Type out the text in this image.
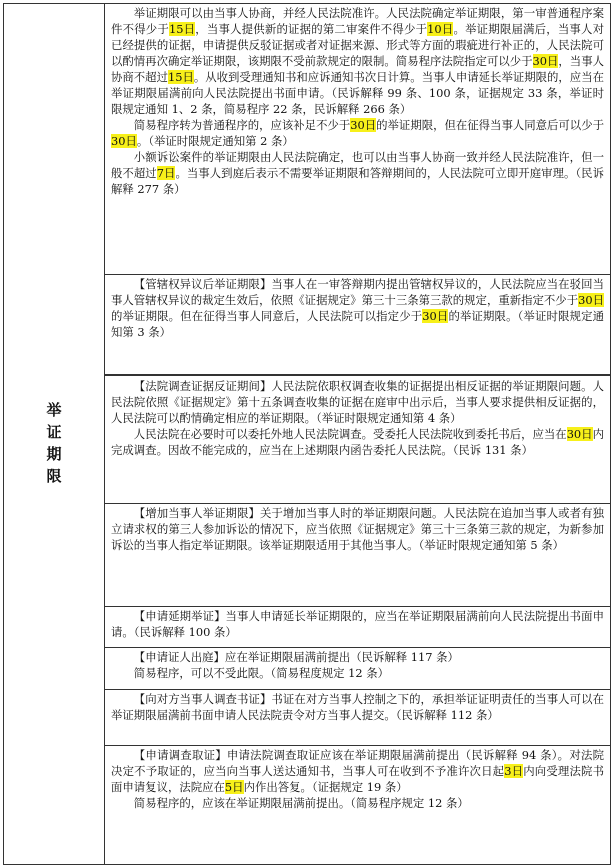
举
证
期
限

举证期限可以由当事人协商，并经人民法院准许。人民法院确定举证期限，第一审普通程序案件不得少于15日，当事人提供新的证据的第二审案件不得少于10日。举证期限届满后，当事人对已经提供的证据，申请提供反驳证据或者对证据来源、形式等方面的瑕疵进行补正的，人民法院可以酌情再次确定举证期限，该期限不受前款规定的限制。简易程序法院指定可以少于30日，当事人协商不超过15日。从收到受理通知书和应诉通知书次日计算。当事人申请延长举证期限的，应当在举证期限届满前向人民法院提出书面申请。（民诉解释 99 条、100 条，证据规定 33 条，举证时限规定通知 1、2 条，简易程序 22 条，民诉解释 266 条）

简易程序转为普通程序的，应该补足不少于30日的举证期限，但在征得当事人同意后可以少于30日。（举证时限规定通知第 2 条）

小额诉讼案件的举证期限由人民法院确定，也可以由当事人协商一致并经人民法院准许，但一般不超过7日。当事人到庭后表示不需要举证期限和答辩期间的，人民法院可立即开庭审理。（民诉解释 277 条）

【管辖权异议后举证期限】当事人在一审答辩期内提出管辖权异议的，人民法院应当在驳回当事人管辖权异议的裁定生效后，依照《证据规定》第三十三条第三款的规定，重新指定不少于30日的举证期限。但在征得当事人同意后，人民法院可以指定少于30日的举证期限。（举证时限规定通知第 3 条）

【法院调查证据反证期间】人民法院依职权调查收集的证据提出相反证据的举证期限问题。人民法院依照《证据规定》第十五条调查收集的证据在庭审中出示后，当事人要求提供相反证据的，人民法院可以酌情确定相应的举证期限。（举证时限规定通知第 4 条）

人民法院在必要时可以委托外地人民法院调查。受委托人民法院收到委托书后，应当在30日内完成调查。因故不能完成的，应当在上述期限内函告委托人民法院。（民诉 131 条）

【增加当事人举证期限】关于增加当事人时的举证期限问题。人民法院在追加当事人或者有独立请求权的第三人参加诉讼的情况下，应当依照《证据规定》第三十三条第三款的规定，为新参加诉讼的当事人指定举证期限。该举证期限适用于其他当事人。（举证时限规定通知第 5 条）

【申请延期举证】当事人申请延长举证期限的，应当在举证期限届满前向人民法院提出书面申请。（民诉解释 100 条）

【申请证人出庭】应在举证期限届满前提出（民诉解释 117 条）

简易程序，可以不受此限。（简易程度规定 12 条）

【向对方当事人调查书证】书证在对方当事人控制之下的，承担举证证明责任的当事人可以在举证期限届满前书面申请人民法院责令对方当事人提交。（民诉解释 112 条）

【申请调查取证】申请法院调查取证应该在举证期限届满前提出（民诉解释 94 条）。对法院决定不予取证的，应当向当事人送达通知书，当事人可在收到不予准许次日起3日内向受理法院书面申请复议，法院应在5日内作出答复。（证据规定 19 条）

简易程序的，应该在举证期限届满前提出。（简易程序规定 12 条）
